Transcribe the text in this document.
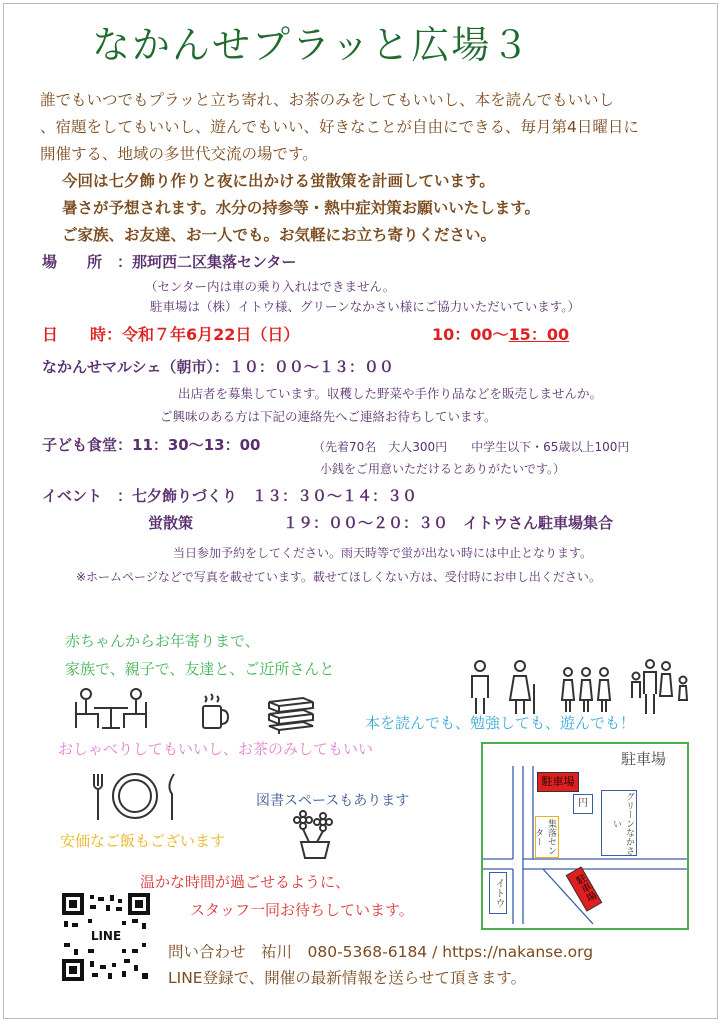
なかんせプラッと広場３
誰でもいつでもプラッと立ち寄れ、お茶のみをしてもいいし、本を読んでもいいし
、宿題をしてもいいし、遊んでもいい、好きなことが自由にできる、毎月第4日曜日に
開催する、地域の多世代交流の場です。
今回は七夕飾り作りと夜に出かける蛍散策を計画しています。
暑さが予想されます。水分の持参等・熱中症対策お願いいたします。
ご家族、お友達、お一人でも。お気軽にお立ち寄りください。
場　　所　：那珂西二区集落センター
（センター内は車の乗り入れはできません。
駐車場は（株）イトウ様、グリーンなかさい様にご協力いただいています。）
日　　時：令和７年6月22日（日）	10：00〜15：00
なかんせマルシェ（朝市）：１０：００〜１３：００
出店者を募集しています。収穫した野菜や手作り品などを販売しませんか。
ご興味のある方は下記の連絡先へご連絡お待ちしています。
子ども食堂：11：30〜13：00	（先着70名　大人300円　　中学生以下・65歳以上100円
小銭をご用意いただけるとありがたいです。）
イベント　：七夕飾りづくり　１３：３０〜１４：３０
蛍散策　　　　　　１９：００〜２０：３０　イトウさん駐車場集合
当日参加予約をしてください。雨天時等で蛍が出ない時には中止となります。
※ホームページなどで写真を載せています。載せてほしくない方は、受付時にお申し出ください。
赤ちゃんからお年寄りまで、
家族で、親子で、友達と、ご近所さんと
本を読んでも、勉強しても、遊んでも！
おしゃべりしてもいいし、お茶のみしてもいい
図書スペースもあります
安価なご飯もございます
温かな時間が過ごせるように、
スタッフ一同お待ちしています。
駐車場
駐車場
円
集落センター	グリーンなかさい
イトウ	駐車場
LINE
問い合わせ　祐川　080-5368-6184 / https://nakanse.org
LINE登録で、開催の最新情報を送らせて頂きます。
